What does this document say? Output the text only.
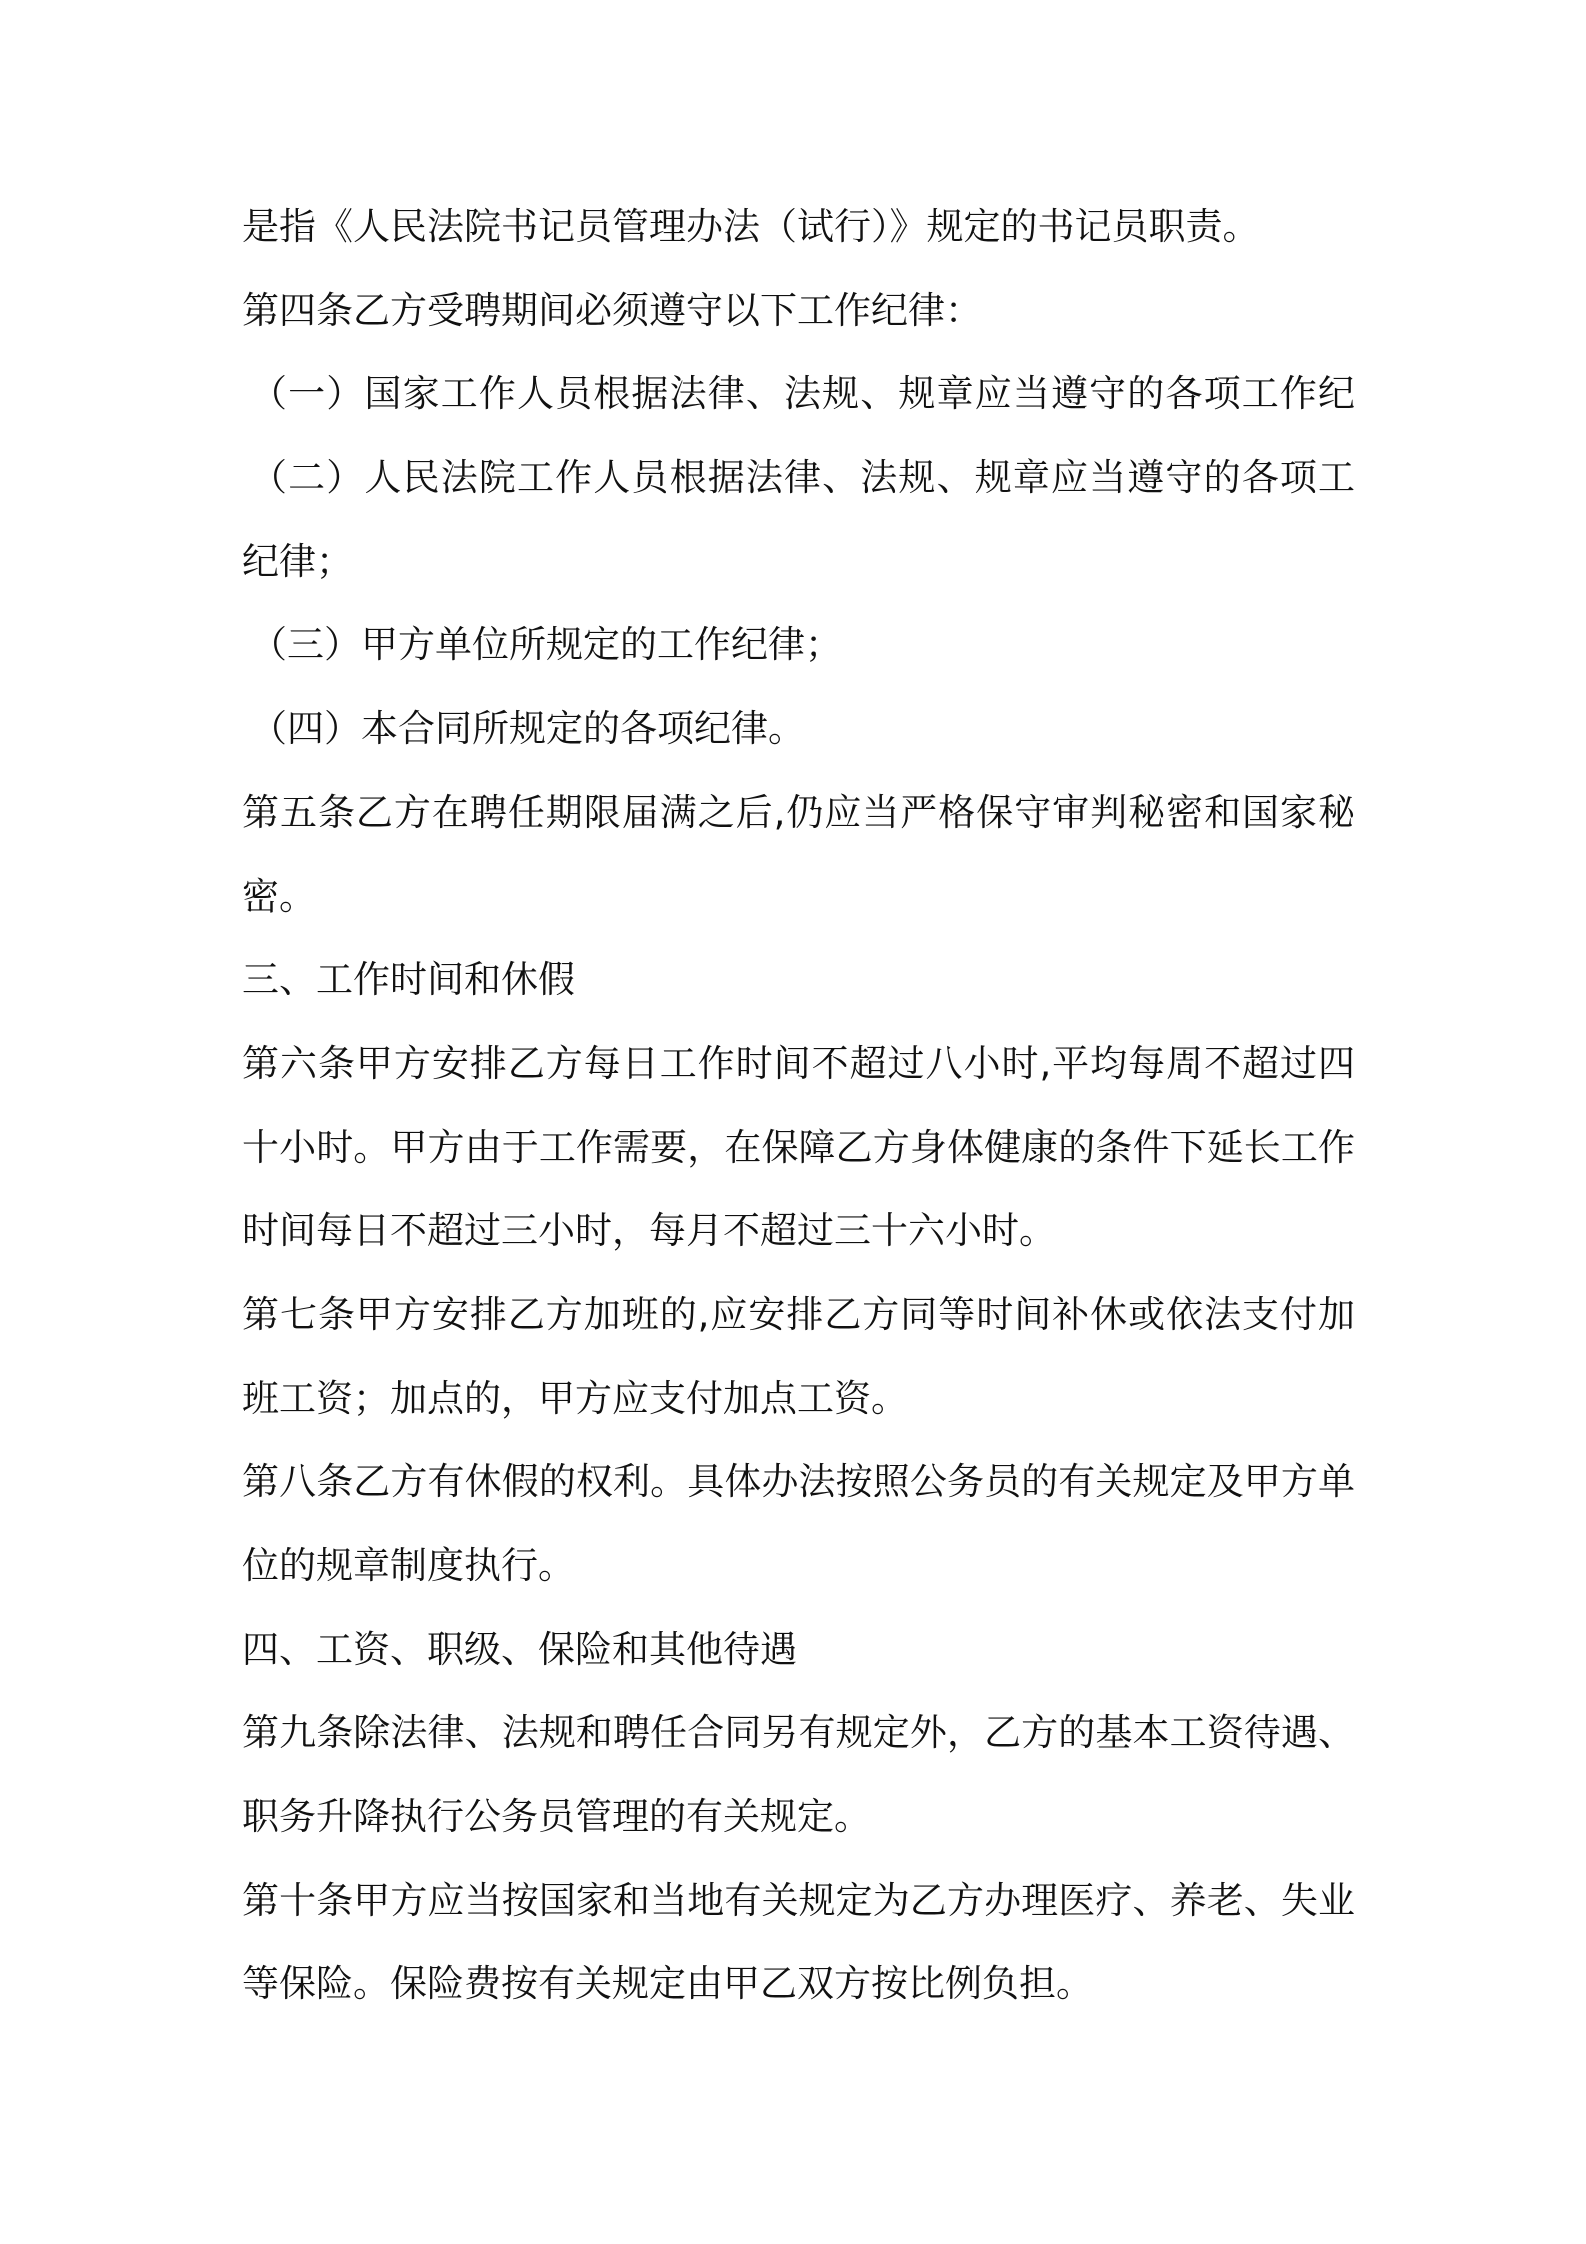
是指《人民法院书记员管理办法（试行）》规定的书记员职责。
第四条乙方受聘期间必须遵守以下工作纪律：
（一）国家工作人员根据法律、法规、规章应当遵守的各项工作纪
（二）人民法院工作人员根据法律、法规、规章应当遵守的各项工
纪律；
（三）甲方单位所规定的工作纪律；
（四）本合同所规定的各项纪律。
第五条乙方在聘任期限届满之后,仍应当严格保守审判秘密和国家秘
密。
三、工作时间和休假
第六条甲方安排乙方每日工作时间不超过八小时,平均每周不超过四
十小时。甲方由于工作需要，在保障乙方身体健康的条件下延长工作
时间每日不超过三小时，每月不超过三十六小时。
第七条甲方安排乙方加班的,应安排乙方同等时间补休或依法支付加
班工资；加点的，甲方应支付加点工资。
第八条乙方有休假的权利。具体办法按照公务员的有关规定及甲方单
位的规章制度执行。
四、工资、职级、保险和其他待遇
第九条除法律、法规和聘任合同另有规定外，乙方的基本工资待遇、
职务升降执行公务员管理的有关规定。
第十条甲方应当按国家和当地有关规定为乙方办理医疗、养老、失业
等保险。保险费按有关规定由甲乙双方按比例负担。
